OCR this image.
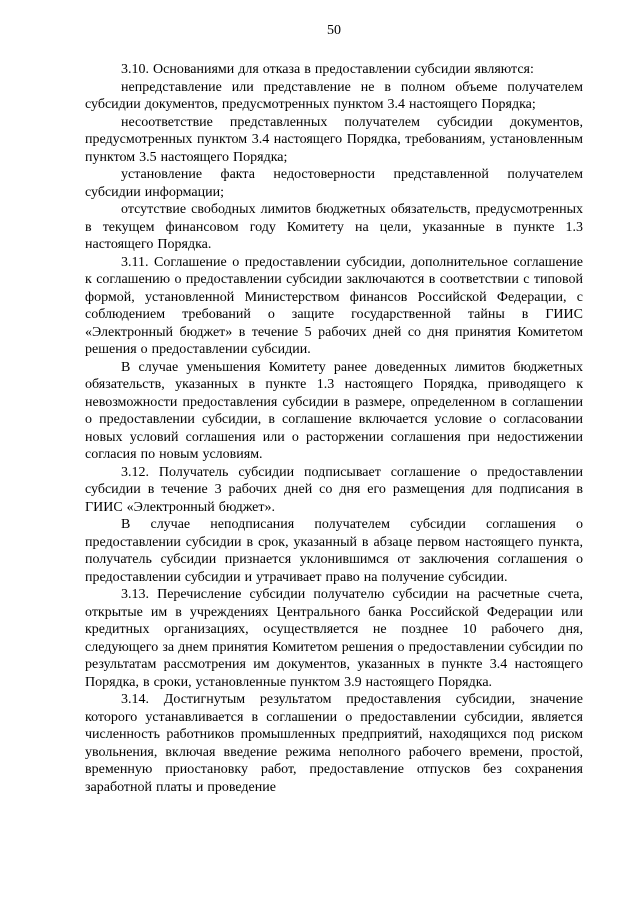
50

3.10. Основаниями для отказа в предоставлении субсидии являются:

непредставление или представление не в полном объеме получателем субсидии документов, предусмотренных пунктом 3.4 настоящего Порядка;

несоответствие представленных получателем субсидии документов, предусмотренных пунктом 3.4 настоящего Порядка, требованиям, установленным пунктом 3.5 настоящего Порядка;

установление факта недостоверности представленной получателем субсидии информации;

отсутствие свободных лимитов бюджетных обязательств, предусмотренных в текущем финансовом году Комитету на цели, указанные в пункте 1.3 настоящего Порядка.

3.11. Соглашение о предоставлении субсидии, дополнительное соглашение к соглашению о предоставлении субсидии заключаются в соответствии с типовой формой, установленной Министерством финансов Российской Федерации, с соблюдением требований о защите государственной тайны в ГИИС «Электронный бюджет» в течение 5 рабочих дней со дня принятия Комитетом решения о предоставлении субсидии.

В случае уменьшения Комитету ранее доведенных лимитов бюджетных обязательств, указанных в пункте 1.3 настоящего Порядка, приводящего к невозможности предоставления субсидии в размере, определенном в соглашении о предоставлении субсидии, в соглашение включается условие о согласовании новых условий соглашения или о расторжении соглашения при недостижении согласия по новым условиям.

3.12. Получатель субсидии подписывает соглашение о предоставлении субсидии в течение 3 рабочих дней со дня его размещения для подписания в ГИИС «Электронный бюджет».

В случае неподписания получателем субсидии соглашения о предоставлении субсидии в срок, указанный в абзаце первом настоящего пункта, получатель субсидии признается уклонившимся от заключения соглашения о предоставлении субсидии и утрачивает право на получение субсидии.

3.13. Перечисление субсидии получателю субсидии на расчетные счета, открытые им в учреждениях Центрального банка Российской Федерации или кредитных организациях, осуществляется не позднее 10 рабочего дня, следующего за днем принятия Комитетом решения о предоставлении субсидии по результатам рассмотрения им документов, указанных в пункте 3.4 настоящего Порядка, в сроки, установленные пунктом 3.9 настоящего Порядка.

3.14. Достигнутым результатом предоставления субсидии, значение которого устанавливается в соглашении о предоставлении субсидии, является численность работников промышленных предприятий, находящихся под риском увольнения, включая введение режима неполного рабочего времени, простой, временную приостановку работ, предоставление отпусков без сохранения заработной платы и проведение
